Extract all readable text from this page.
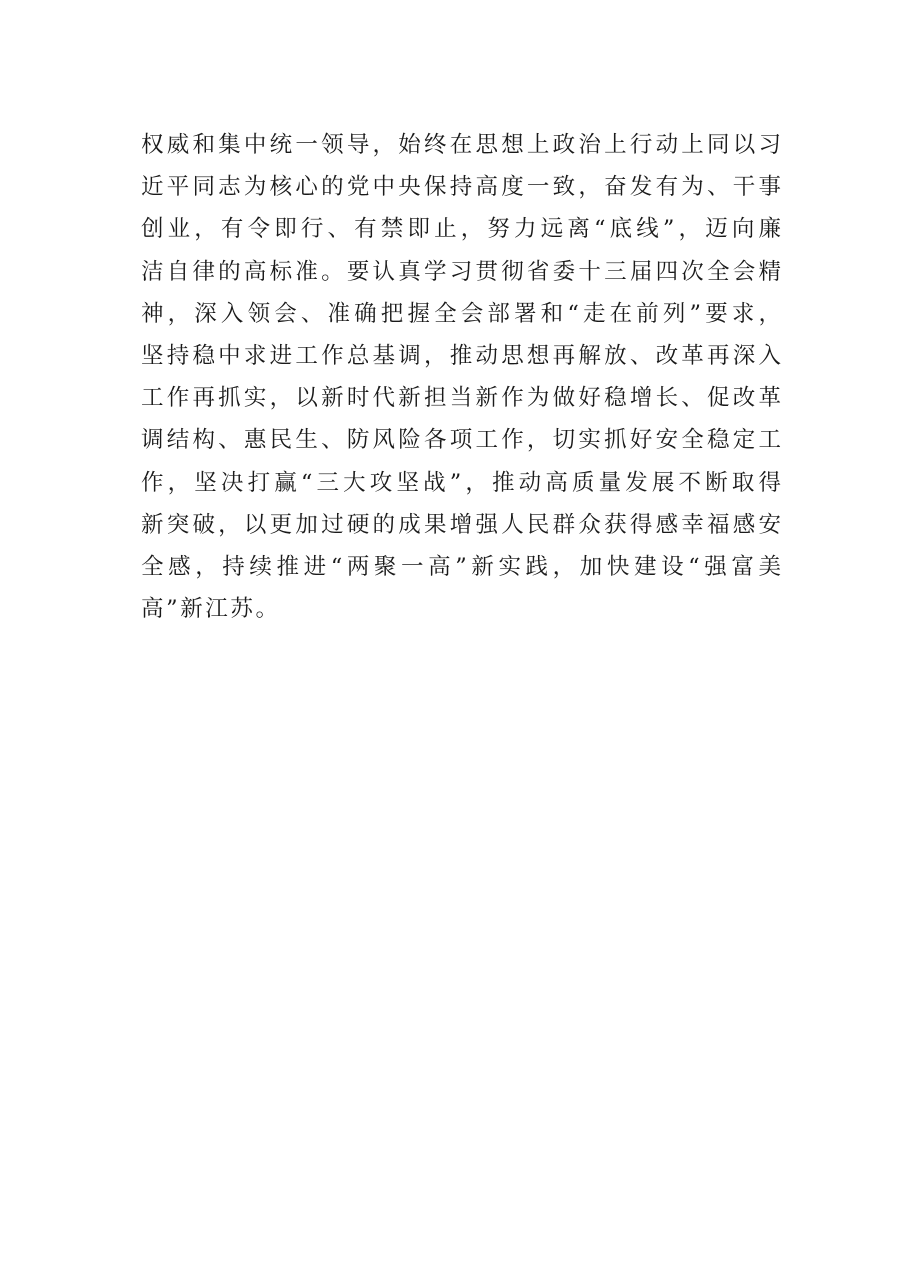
权威和集中统一领导，始终在思想上政治上行动上同以习
近平同志为核心的党中央保持高度一致，奋发有为、干事
创业，有令即行、有禁即止，努力远离“底线”，迈向廉
洁自律的高标准。要认真学习贯彻省委十三届四次全会精
神，深入领会、准确把握全会部署和“走在前列”要求，
坚持稳中求进工作总基调，推动思想再解放、改革再深入
工作再抓实，以新时代新担当新作为做好稳增长、促改革
调结构、惠民生、防风险各项工作，切实抓好安全稳定工
作，坚决打赢“三大攻坚战”，推动高质量发展不断取得
新突破，以更加过硬的成果增强人民群众获得感幸福感安
全感，持续推进“两聚一高”新实践，加快建设“强富美
高”新江苏。
